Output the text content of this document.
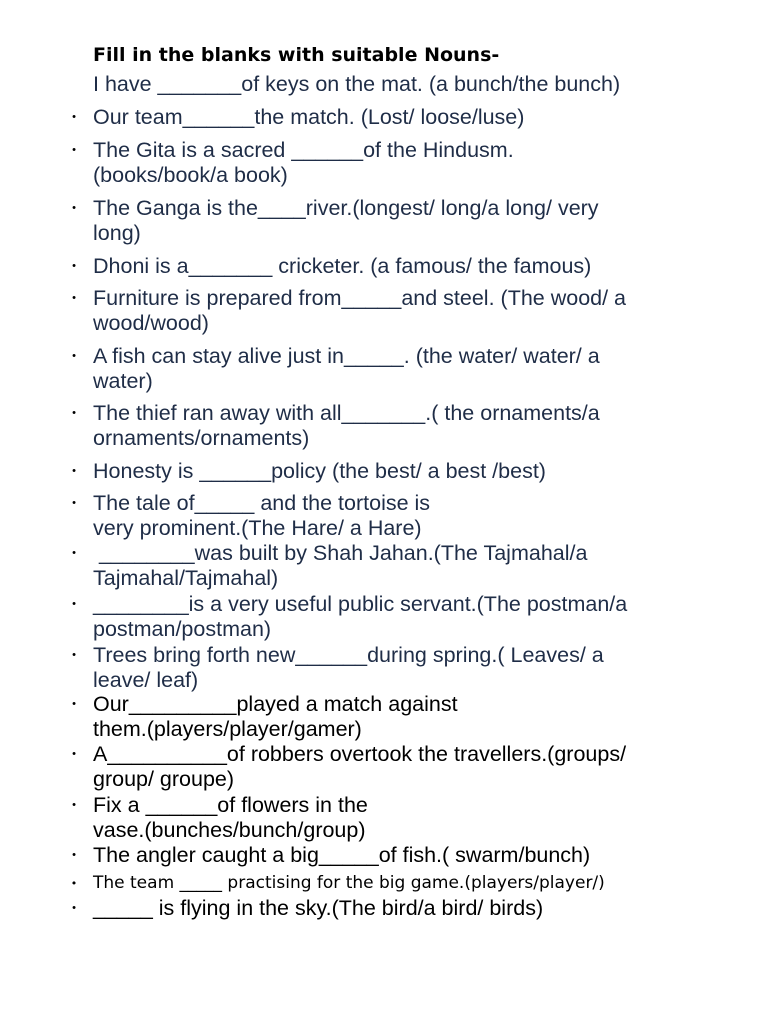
Fill in the blanks with suitable Nouns-
I have _______of keys on the mat. (a bunch/the bunch)
• Our team______the match. (Lost/ loose/luse)
• The Gita is a sacred ______of the Hindusm.
(books/book/a book)
• The Ganga is the____river.(longest/ long/a long/ very
long)
• Dhoni is a_______ cricketer. (a famous/ the famous)
• Furniture is prepared from_____and steel. (The wood/ a
wood/wood)
• A fish can stay alive just in_____. (the water/ water/ a
water)
• The thief ran away with all_______.( the ornaments/a
ornaments/ornaments)
• Honesty is ______policy (the best/ a best /best)
• The tale of_____ and the tortoise is
very prominent.(The Hare/ a Hare)
• ________was built by Shah Jahan.(The Tajmahal/a
Tajmahal/Tajmahal)
• ________is a very useful public servant.(The postman/a
postman/postman)
• Trees bring forth new______during spring.( Leaves/ a
leave/ leaf)
• Our_________played a match against
them.(players/player/gamer)
• A__________of robbers overtook the travellers.(groups/
group/ groupe)
• Fix a ______of flowers in the
vase.(bunches/bunch/group)
• The angler caught a big_____of fish.( swarm/bunch)
• The team _____ practising for the big game.(players/player/)
• _____ is flying in the sky.(The bird/a bird/ birds)
